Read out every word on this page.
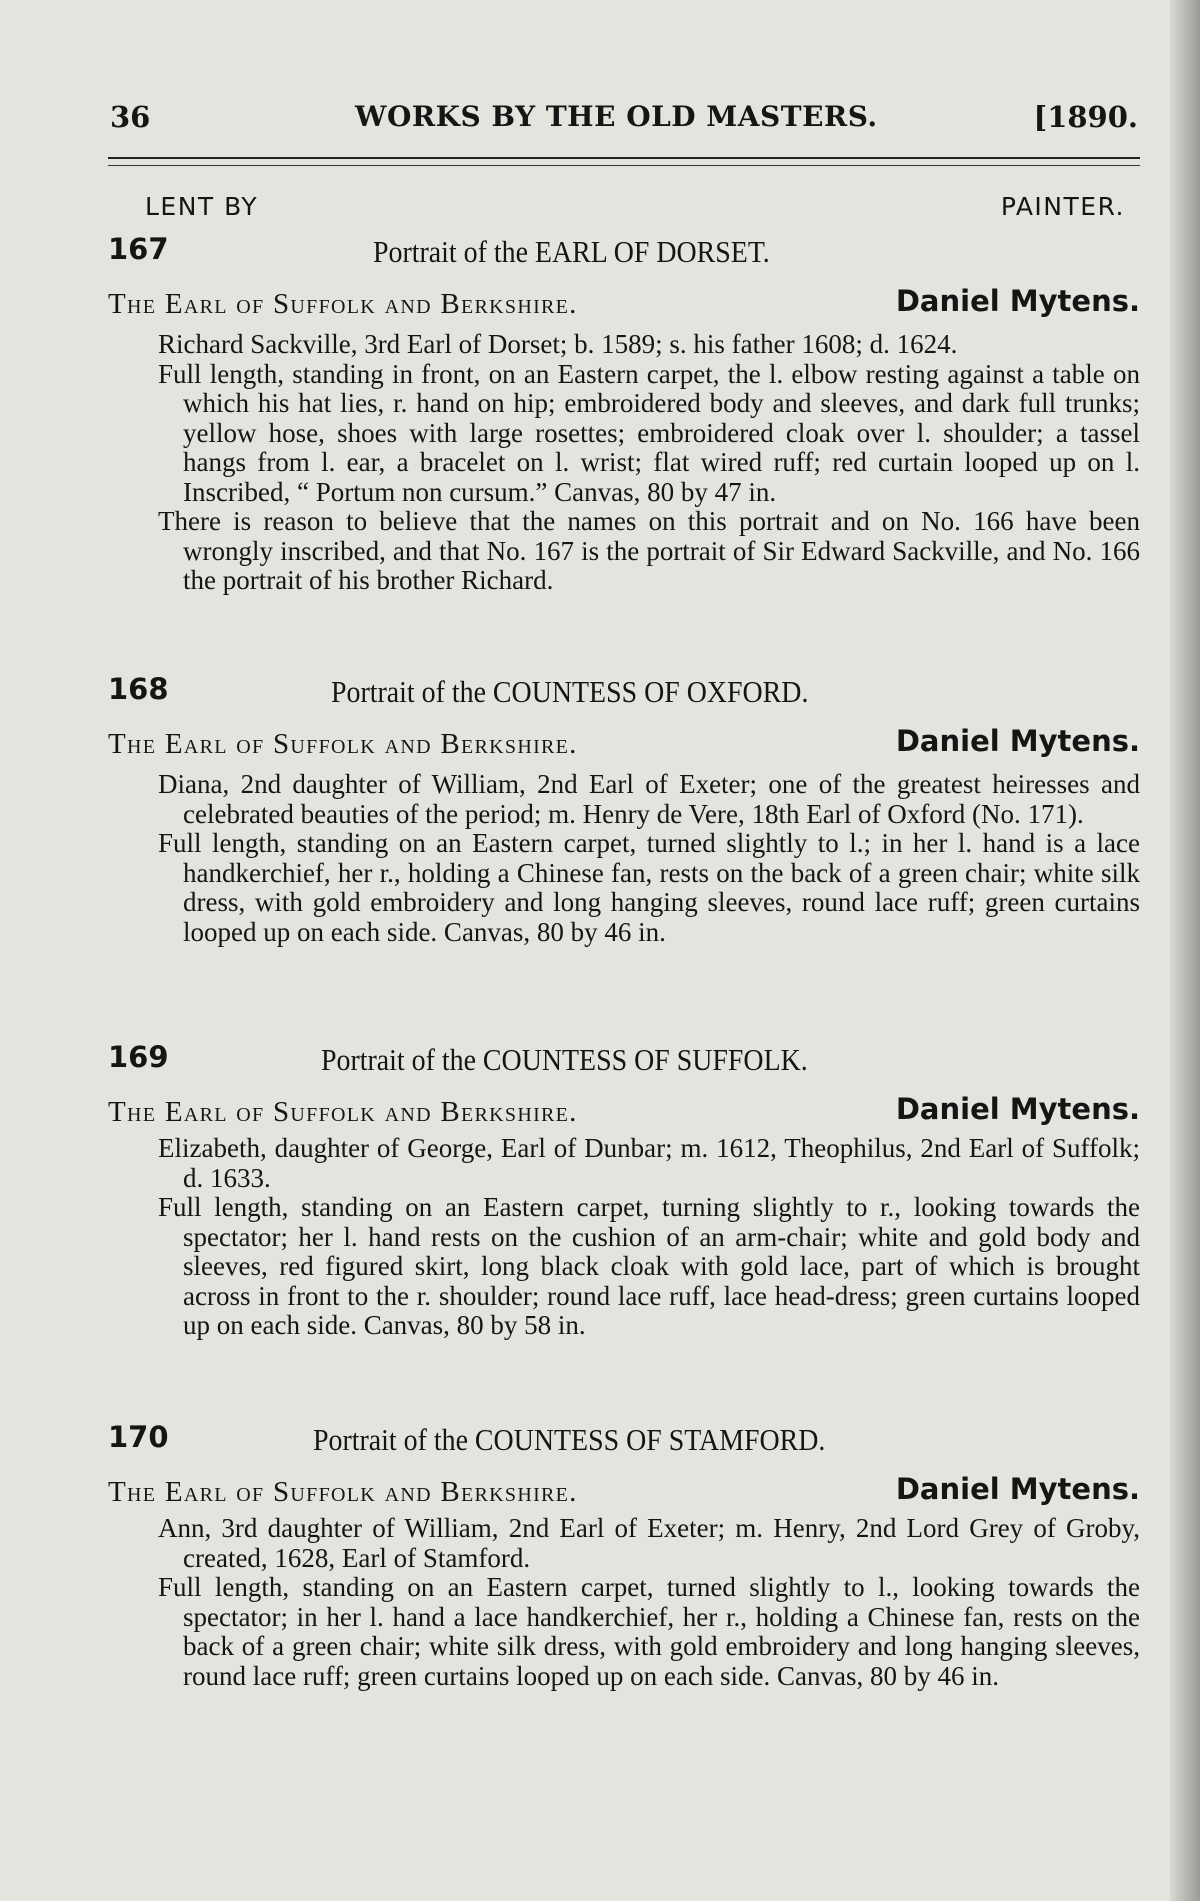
36	WORKS BY THE OLD MASTERS.	[1890.
LENT BY	PAINTER.
167	Portrait of the EARL OF DORSET.
The Earl of Suffolk and Berkshire.	Daniel Mytens.

Richard Sackville, 3rd Earl of Dorset; b. 1589; s. his father 1608; d. 1624.

Full length, standing in front, on an Eastern carpet, the l. elbow resting against a table on which his hat lies, r. hand on hip; embroidered body and sleeves, and dark full trunks; yellow hose, shoes with large rosettes; embroidered cloak over l. shoulder; a tassel hangs from l. ear, a bracelet on l. wrist; flat wired ruff; red curtain looped up on l. Inscribed, “ Portum non cursum.” Canvas, 80 by 47 in.

There is reason to believe that the names on this portrait and on No. 166 have been wrongly inscribed, and that No. 167 is the portrait of Sir Edward Sackville, and No. 166 the portrait of his brother Richard.

168	Portrait of the COUNTESS OF OXFORD.
The Earl of Suffolk and Berkshire.	Daniel Mytens.

Diana, 2nd daughter of William, 2nd Earl of Exeter; one of the greatest heiresses and celebrated beauties of the period; m. Henry de Vere, 18th Earl of Oxford (No. 171).

Full length, standing on an Eastern carpet, turned slightly to l.; in her l. hand is a lace handkerchief, her r., holding a Chinese fan, rests on the back of a green chair; white silk dress, with gold embroidery and long hanging sleeves, round lace ruff; green curtains looped up on each side. Canvas, 80 by 46 in.

169	Portrait of the COUNTESS OF SUFFOLK.
The Earl of Suffolk and Berkshire.	Daniel Mytens.

Elizabeth, daughter of George, Earl of Dunbar; m. 1612, Theophilus, 2nd Earl of Suffolk; d. 1633.

Full length, standing on an Eastern carpet, turning slightly to r., looking towards the spectator; her l. hand rests on the cushion of an arm-chair; white and gold body and sleeves, red figured skirt, long black cloak with gold lace, part of which is brought across in front to the r. shoulder; round lace ruff, lace head-dress; green curtains looped up on each side. Canvas, 80 by 58 in.

170	Portrait of the COUNTESS OF STAMFORD.
The Earl of Suffolk and Berkshire.	Daniel Mytens.

Ann, 3rd daughter of William, 2nd Earl of Exeter; m. Henry, 2nd Lord Grey of Groby, created, 1628, Earl of Stamford.

Full length, standing on an Eastern carpet, turned slightly to l., looking towards the spectator; in her l. hand a lace handkerchief, her r., holding a Chinese fan, rests on the back of a green chair; white silk dress, with gold embroidery and long hanging sleeves, round lace ruff; green curtains looped up on each side. Canvas, 80 by 46 in.
